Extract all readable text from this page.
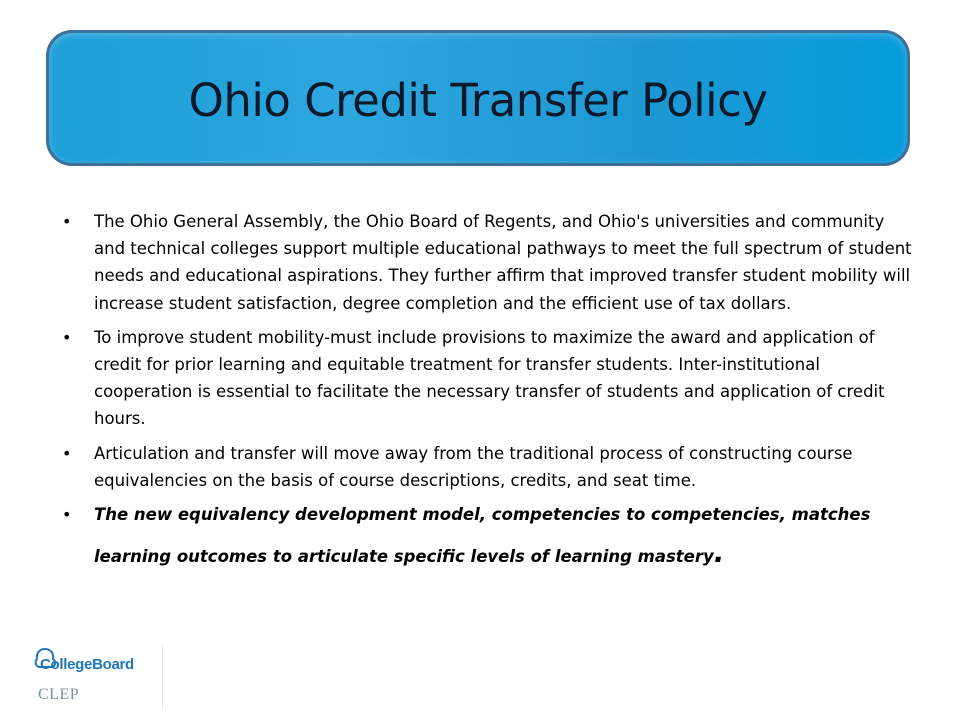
Ohio Credit Transfer Policy
• The Ohio General Assembly, the Ohio Board of Regents, and Ohio's universities and community and technical colleges support multiple educational pathways to meet the full spectrum of student needs and educational aspirations. They further affirm that improved transfer student mobility will increase student satisfaction, degree completion and the efficient use of tax dollars.
• To improve student mobility-must include provisions to maximize the award and application of credit for prior learning and equitable treatment for transfer students. Inter-institutional cooperation is essential to facilitate the necessary transfer of students and application of credit hours.
• Articulation and transfer will move away from the traditional process of constructing course equivalencies on the basis of course descriptions, credits, and seat time.
• The new equivalency development model, competencies to competencies, matches learning outcomes to articulate specific levels of learning mastery.
CollegeBoard
CLEP
